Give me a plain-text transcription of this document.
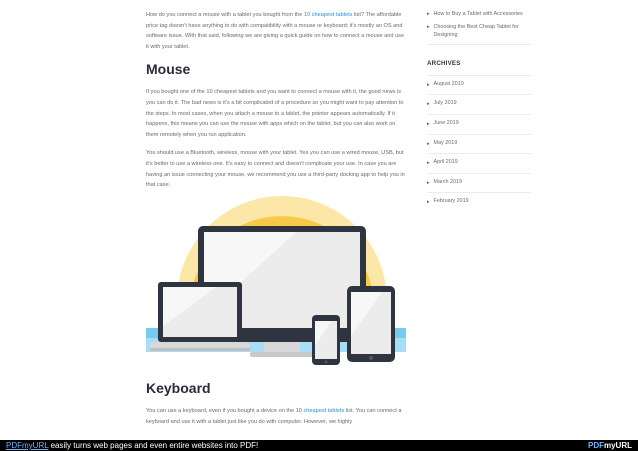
How do you connect a mouse with a tablet you bought from the 10 cheapest tablets list? The affordable price tag doesn't have anything to do with compatibility with a mouse or keyboard; it's mostly an OS and software issue. With that said, following we are giving a quick guide on how to connect a mouse and use it with your tablet.

Mouse

If you bought one of the 10 cheapest tablets and you want to connect a mouse with it, the good news is you can do it. The bad news is it's a bit complicated of a procedure so you might want to pay attention to the steps. In most cases, when you attach a mouse to a tablet, the pointer appears automatically. If it happens, this means you can use the mouse with apps which on the tablet, but you can also work on them remotely when you run application.

You should use a Bluetooth, wireless, mouse with your tablet. Yes you can use a wired mouse, USB, but it's better to use a wireless one. It's easy to connect and doesn't complicate your use. In case you are having an issue connecting your mouse, we recommend you use a third-party docking app to help you in that case.

Keyboard

You can use a keyboard, even if you bought a device on the 10 cheapest tablets list. You can connect a keyboard and use it with a tablet just like you do with computer. However, we highly

▸ How to Buy a Tablet with Accessories
▸ Choosing the Best Cheap Tablet for Designing
ARCHIVES
▸ August 2019
▸ July 2019
▸ June 2019
▸ May 2019
▸ April 2019
▸ March 2019
▸ February 2019
PDFmyURL easily turns web pages and even entire websites into PDF!	PDFmyURL
